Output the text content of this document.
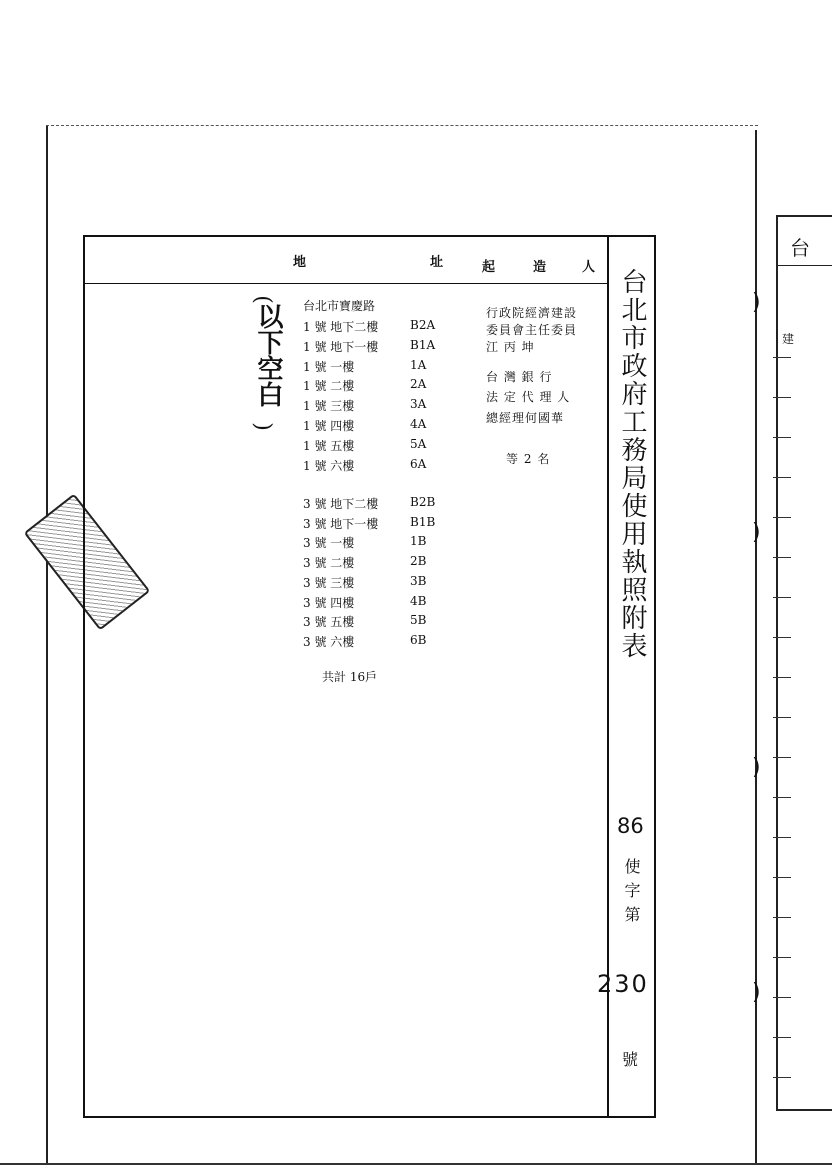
地	址	起	造	人
台北市政府工務局使用執照附表
86
使字第
230
號
(
以下空白
)
台北市寶慶路
1 號 地下二樓	B2A
1 號 地下一樓	B1A
1 號 一樓	1A
1 號 二樓	2A
1 號 三樓	3A
1 號 四樓	4A
1 號 五樓	5A
1 號 六樓	6A
3 號 地下二樓	B2B
3 號 地下一樓	B1B
3 號 一樓	1B
3 號 二樓	2B
3 號 三樓	3B
3 號 四樓	4B
3 號 五樓	5B
3 號 六樓	6B
共計 16戶
行政院經濟建設
委員會主任委員
江 丙 坤
台 灣 銀 行
法 定 代 理 人
總經理何國華
等 2 名
台
建
)
)
)
)
